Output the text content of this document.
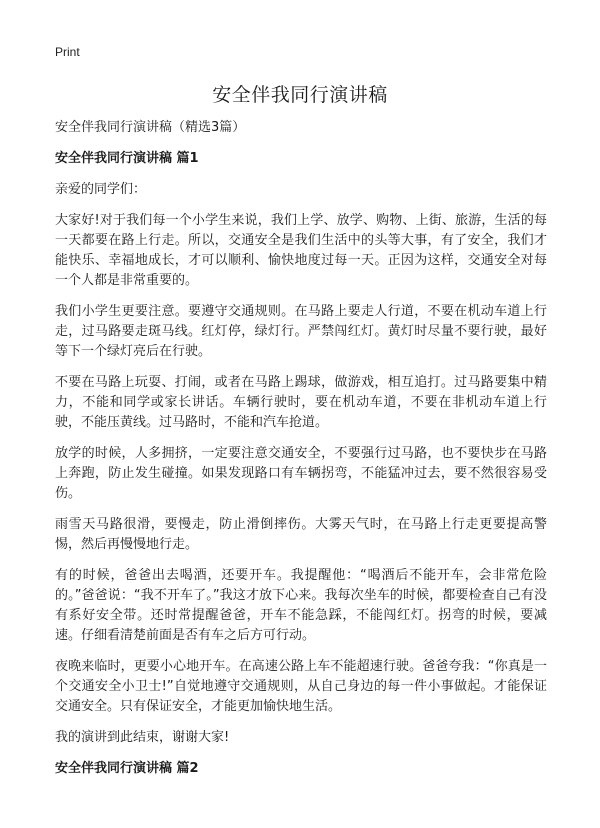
Print
安全伴我同行演讲稿

安全伴我同行演讲稿（精选3篇）

安全伴我同行演讲稿 篇1

亲爱的同学们：

大家好!对于我们每一个小学生来说，我们上学、放学、购物、上街、旅游，生活的每一天都要在路上行走。所以，交通安全是我们生活中的头等大事，有了安全，我们才能快乐、幸福地成长，才可以顺利、愉快地度过每一天。正因为这样，交通安全对每一个人都是非常重要的。

我们小学生更要注意。要遵守交通规则。在马路上要走人行道，不要在机动车道上行走，过马路要走斑马线。红灯停，绿灯行。严禁闯红灯。黄灯时尽量不要行驶，最好等下一个绿灯亮后在行驶。

不要在马路上玩耍、打闹，或者在马路上踢球，做游戏，相互追打。过马路要集中精力，不能和同学或家长讲话。车辆行驶时，要在机动车道，不要在非机动车道上行驶，不能压黄线。过马路时，不能和汽车抢道。

放学的时候，人多拥挤，一定要注意交通安全，不要强行过马路，也不要快步在马路上奔跑，防止发生碰撞。如果发现路口有车辆拐弯，不能猛冲过去，要不然很容易受伤。

雨雪天马路很滑，要慢走，防止滑倒摔伤。大雾天气时，在马路上行走更要提高警惕，然后再慢慢地行走。

有的时候，爸爸出去喝酒，还要开车。我提醒他：“喝酒后不能开车，会非常危险的。”爸爸说：“我不开车了。”我这才放下心来。我每次坐车的时候，都要检查自己有没有系好安全带。还时常提醒爸爸，开车不能急踩，不能闯红灯。拐弯的时候，要减速。仔细看清楚前面是否有车之后方可行动。

夜晚来临时，更要小心地开车。在高速公路上车不能超速行驶。爸爸夸我：“你真是一个交通安全小卫士!”自觉地遵守交通规则，从自己身边的每一件小事做起。才能保证交通安全。只有保证安全，才能更加愉快地生活。

我的演讲到此结束，谢谢大家!

安全伴我同行演讲稿 篇2
